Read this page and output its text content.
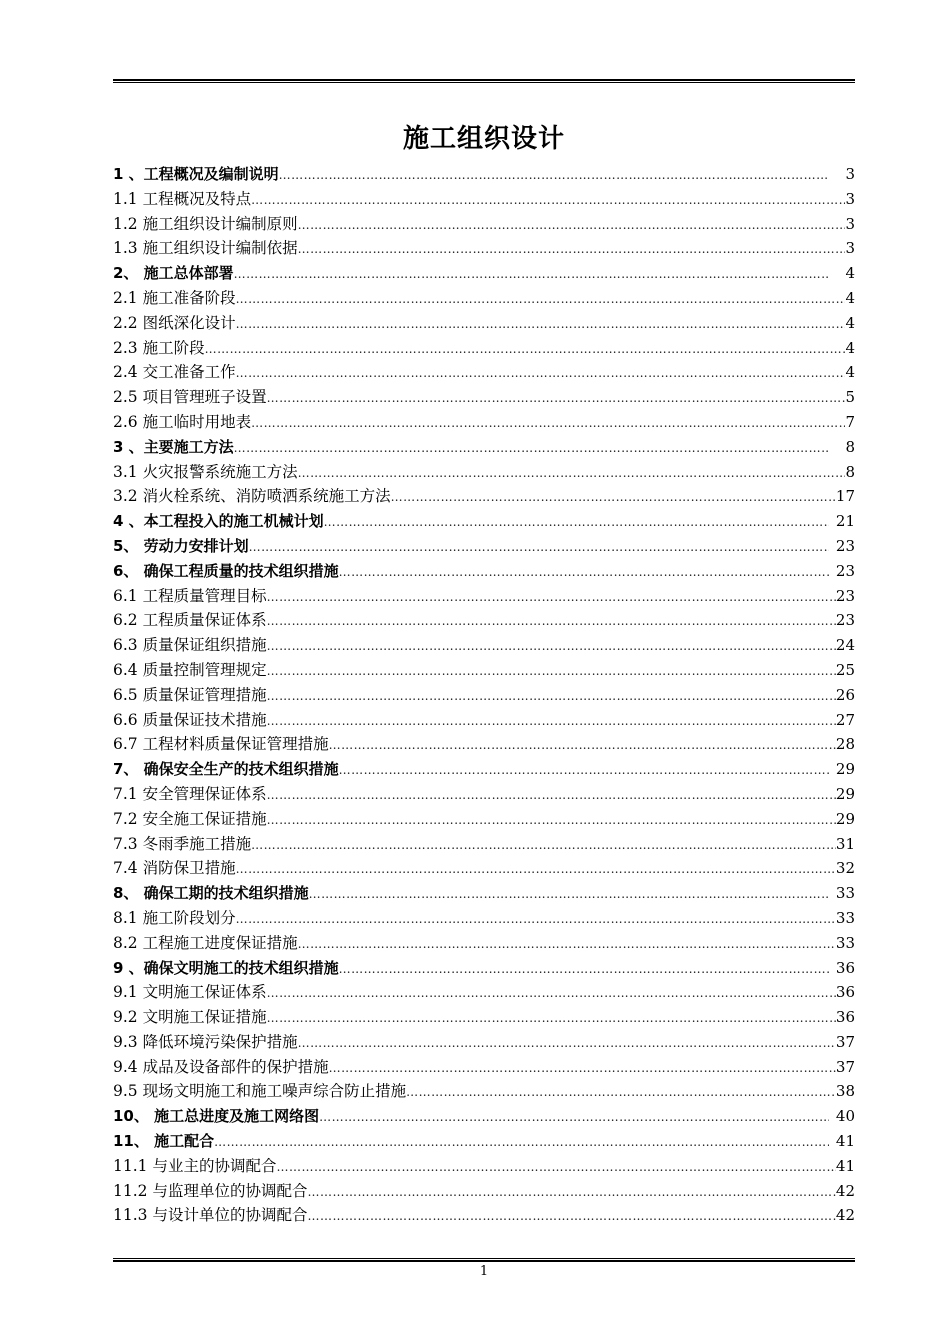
施工组织设计
1 、工程概况及编制说明 ……………………………………………………………………………………………………………………………………………………………………………………………………	3
1.1 工程概况及特点 ……………………………………………………………………………………………………………………………………………………………………………………………………	3
1.2 施工组织设计编制原则 ……………………………………………………………………………………………………………………………………………………………………………………………………	3
1.3 施工组织设计编制依据 ……………………………………………………………………………………………………………………………………………………………………………………………………	3
2、 施工总体部署 ……………………………………………………………………………………………………………………………………………………………………………………………………	4
2.1 施工准备阶段 ……………………………………………………………………………………………………………………………………………………………………………………………………	4
2.2 图纸深化设计 ……………………………………………………………………………………………………………………………………………………………………………………………………	4
2.3 施工阶段 ……………………………………………………………………………………………………………………………………………………………………………………………………	4
2.4 交工准备工作 ……………………………………………………………………………………………………………………………………………………………………………………………………	4
2.5 项目管理班子设置 ……………………………………………………………………………………………………………………………………………………………………………………………………	5
2.6 施工临时用地表 ……………………………………………………………………………………………………………………………………………………………………………………………………	7
3 、主要施工方法 ……………………………………………………………………………………………………………………………………………………………………………………………………	8
3.1 火灾报警系统施工方法 ……………………………………………………………………………………………………………………………………………………………………………………………………	8
3.2 消火栓系统、消防喷洒系统施工方法 ……………………………………………………………………………………………………………………………………………………………………………………………………	17
4 、本工程投入的施工机械计划 ……………………………………………………………………………………………………………………………………………………………………………………………………	21
5、 劳动力安排计划 ……………………………………………………………………………………………………………………………………………………………………………………………………	23
6、 确保工程质量的技术组织措施 ……………………………………………………………………………………………………………………………………………………………………………………………………	23
6.1 工程质量管理目标 ……………………………………………………………………………………………………………………………………………………………………………………………………	23
6.2 工程质量保证体系 ……………………………………………………………………………………………………………………………………………………………………………………………………	23
6.3 质量保证组织措施 ……………………………………………………………………………………………………………………………………………………………………………………………………	24
6.4 质量控制管理规定 ……………………………………………………………………………………………………………………………………………………………………………………………………	25
6.5 质量保证管理措施 ……………………………………………………………………………………………………………………………………………………………………………………………………	26
6.6 质量保证技术措施 ……………………………………………………………………………………………………………………………………………………………………………………………………	27
6.7 工程材料质量保证管理措施 ……………………………………………………………………………………………………………………………………………………………………………………………………	28
7、 确保安全生产的技术组织措施 ……………………………………………………………………………………………………………………………………………………………………………………………………	29
7.1 安全管理保证体系 ……………………………………………………………………………………………………………………………………………………………………………………………………	29
7.2 安全施工保证措施 ……………………………………………………………………………………………………………………………………………………………………………………………………	29
7.3 冬雨季施工措施 ……………………………………………………………………………………………………………………………………………………………………………………………………	31
7.4 消防保卫措施 ……………………………………………………………………………………………………………………………………………………………………………………………………	32
8、 确保工期的技术组织措施 ……………………………………………………………………………………………………………………………………………………………………………………………………	33
8.1 施工阶段划分 ……………………………………………………………………………………………………………………………………………………………………………………………………	33
8.2 工程施工进度保证措施 ……………………………………………………………………………………………………………………………………………………………………………………………………	33
9 、确保文明施工的技术组织措施 ……………………………………………………………………………………………………………………………………………………………………………………………………	36
9.1 文明施工保证体系 ……………………………………………………………………………………………………………………………………………………………………………………………………	36
9.2 文明施工保证措施 ……………………………………………………………………………………………………………………………………………………………………………………………………	36
9.3 降低环境污染保护措施 ……………………………………………………………………………………………………………………………………………………………………………………………………	37
9.4 成品及设备部件的保护措施 ……………………………………………………………………………………………………………………………………………………………………………………………………	37
9.5 现场文明施工和施工噪声综合防止措施 ……………………………………………………………………………………………………………………………………………………………………………………………………	38
10、 施工总进度及施工网络图 ……………………………………………………………………………………………………………………………………………………………………………………………………	40
11、 施工配合 ……………………………………………………………………………………………………………………………………………………………………………………………………	41
11.1 与业主的协调配合 ……………………………………………………………………………………………………………………………………………………………………………………………………	41
11.2 与监理单位的协调配合 ……………………………………………………………………………………………………………………………………………………………………………………………………	42
11.3 与设计单位的协调配合 ……………………………………………………………………………………………………………………………………………………………………………………………………	42
1
